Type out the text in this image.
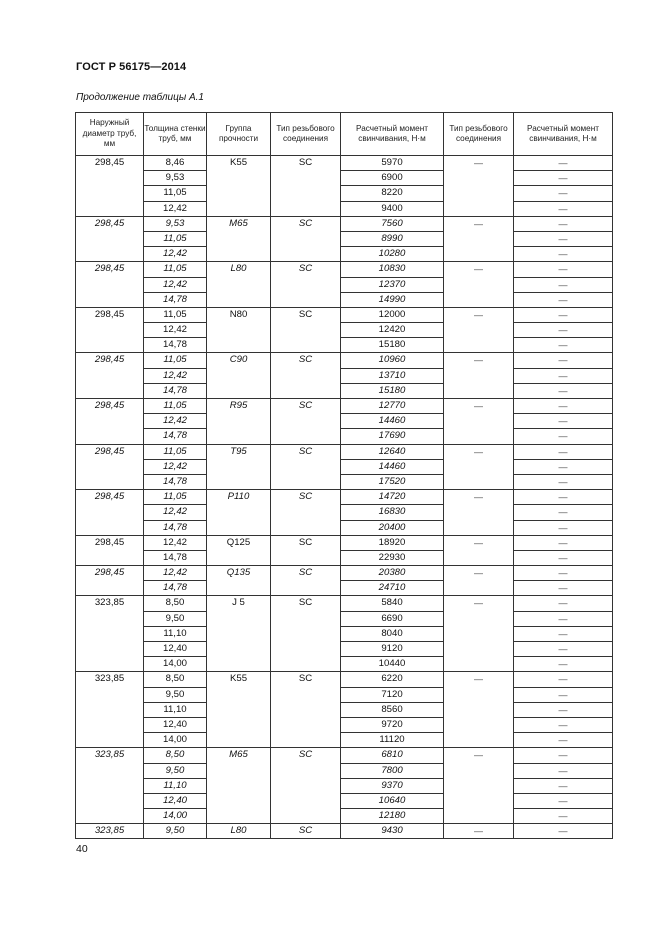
ГОСТ Р 56175—2014
Продолжение таблицы А.1
Наружный диаметр труб, мм	Толщина стенки труб, мм	Группа прочности	Тип резьбового соединения	Расчетный момент свинчивания, Н·м	Тип резьбового соединения	Расчетный момент свинчивания, Н·м
298,45	8,46	K55	SC	5970	—	—
	9,53			6900		—
	11,05			8220		—
	12,42			9400		—
298,45	9,53	M65	SC	7560	—	—
	11,05			8990		—
	12,42			10280		—
298,45	11,05	L80	SC	10830	—	—
	12,42			12370		—
	14,78			14990		—
298,45	11,05	N80	SC	12000	—	—
	12,42			12420		—
	14,78			15180		—
298,45	11,05	C90	SC	10960	—	—
	12,42			13710		—
	14,78			15180		—
298,45	11,05	R95	SC	12770	—	—
	12,42			14460		—
	14,78			17690		—
298,45	11,05	T95	SC	12640	—	—
	12,42			14460		—
	14,78			17520		—
298,45	11,05	P110	SC	14720	—	—
	12,42			16830		—
	14,78			20400		—
298,45	12,42	Q125	SC	18920	—	—
	14,78			22930		—
298,45	12,42	Q135	SC	20380	—	—
	14,78			24710		—
323,85	8,50	J 5	SC	5840	—	—
	9,50			6690		—
	11,10			8040		—
	12,40			9120		—
	14,00			10440		—
323,85	8,50	K55	SC	6220	—	—
	9,50			7120		—
	11,10			8560		—
	12,40			9720		—
	14,00			11120		—
323,85	8,50	M65	SC	6810	—	—
	9,50			7800		—
	11,10			9370		—
	12,40			10640		—
	14,00			12180		—
323,85	9,50	L80	SC	9430	—	—
40
